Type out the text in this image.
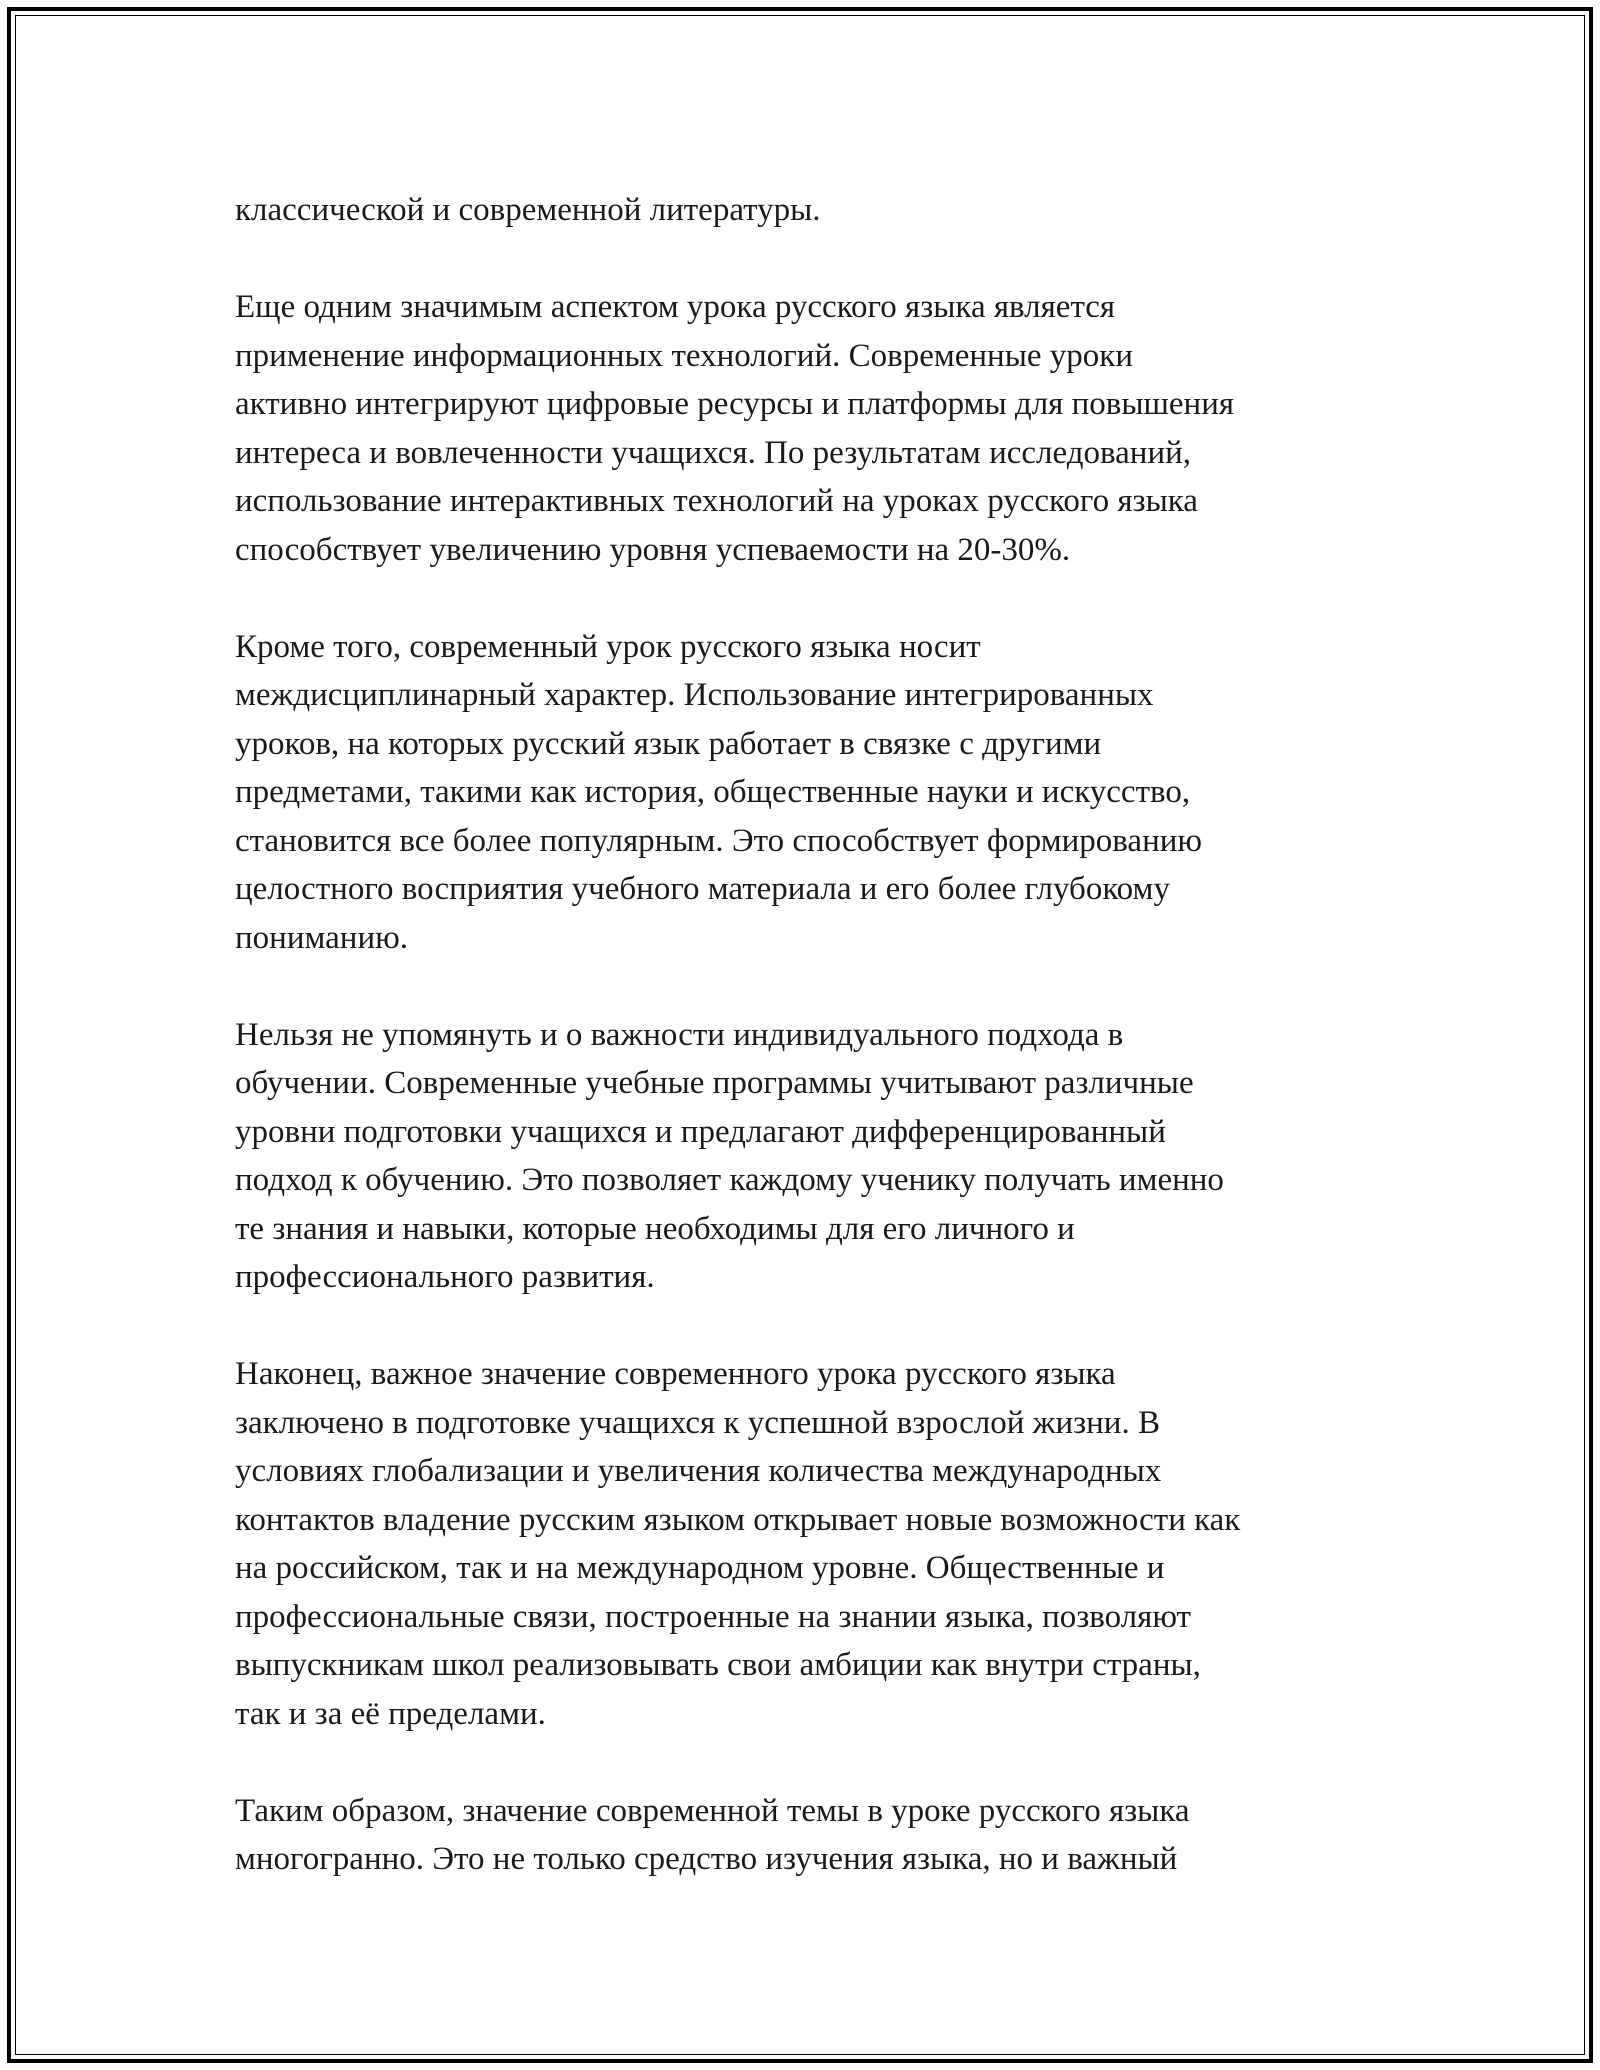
классической и современной литературы.

Еще одним значимым аспектом урока русского языка является
применение информационных технологий. Современные уроки
активно интегрируют цифровые ресурсы и платформы для повышения
интереса и вовлеченности учащихся. По результатам исследований,
использование интерактивных технологий на уроках русского языка
способствует увеличению уровня успеваемости на 20-30%.

Кроме того, современный урок русского языка носит
междисциплинарный характер. Использование интегрированных
уроков, на которых русский язык работает в связке с другими
предметами, такими как история, общественные науки и искусство,
становится все более популярным. Это способствует формированию
целостного восприятия учебного материала и его более глубокому
пониманию.

Нельзя не упомянуть и о важности индивидуального подхода в
обучении. Современные учебные программы учитывают различные
уровни подготовки учащихся и предлагают дифференцированный
подход к обучению. Это позволяет каждому ученику получать именно
те знания и навыки, которые необходимы для его личного и
профессионального развития.

Наконец, важное значение современного урока русского языка
заключено в подготовке учащихся к успешной взрослой жизни. В
условиях глобализации и увеличения количества международных
контактов владение русским языком открывает новые возможности как
на российском, так и на международном уровне. Общественные и
профессиональные связи, построенные на знании языка, позволяют
выпускникам школ реализовывать свои амбиции как внутри страны,
так и за её пределами.

Таким образом, значение современной темы в уроке русского языка
многогранно. Это не только средство изучения языка, но и важный
